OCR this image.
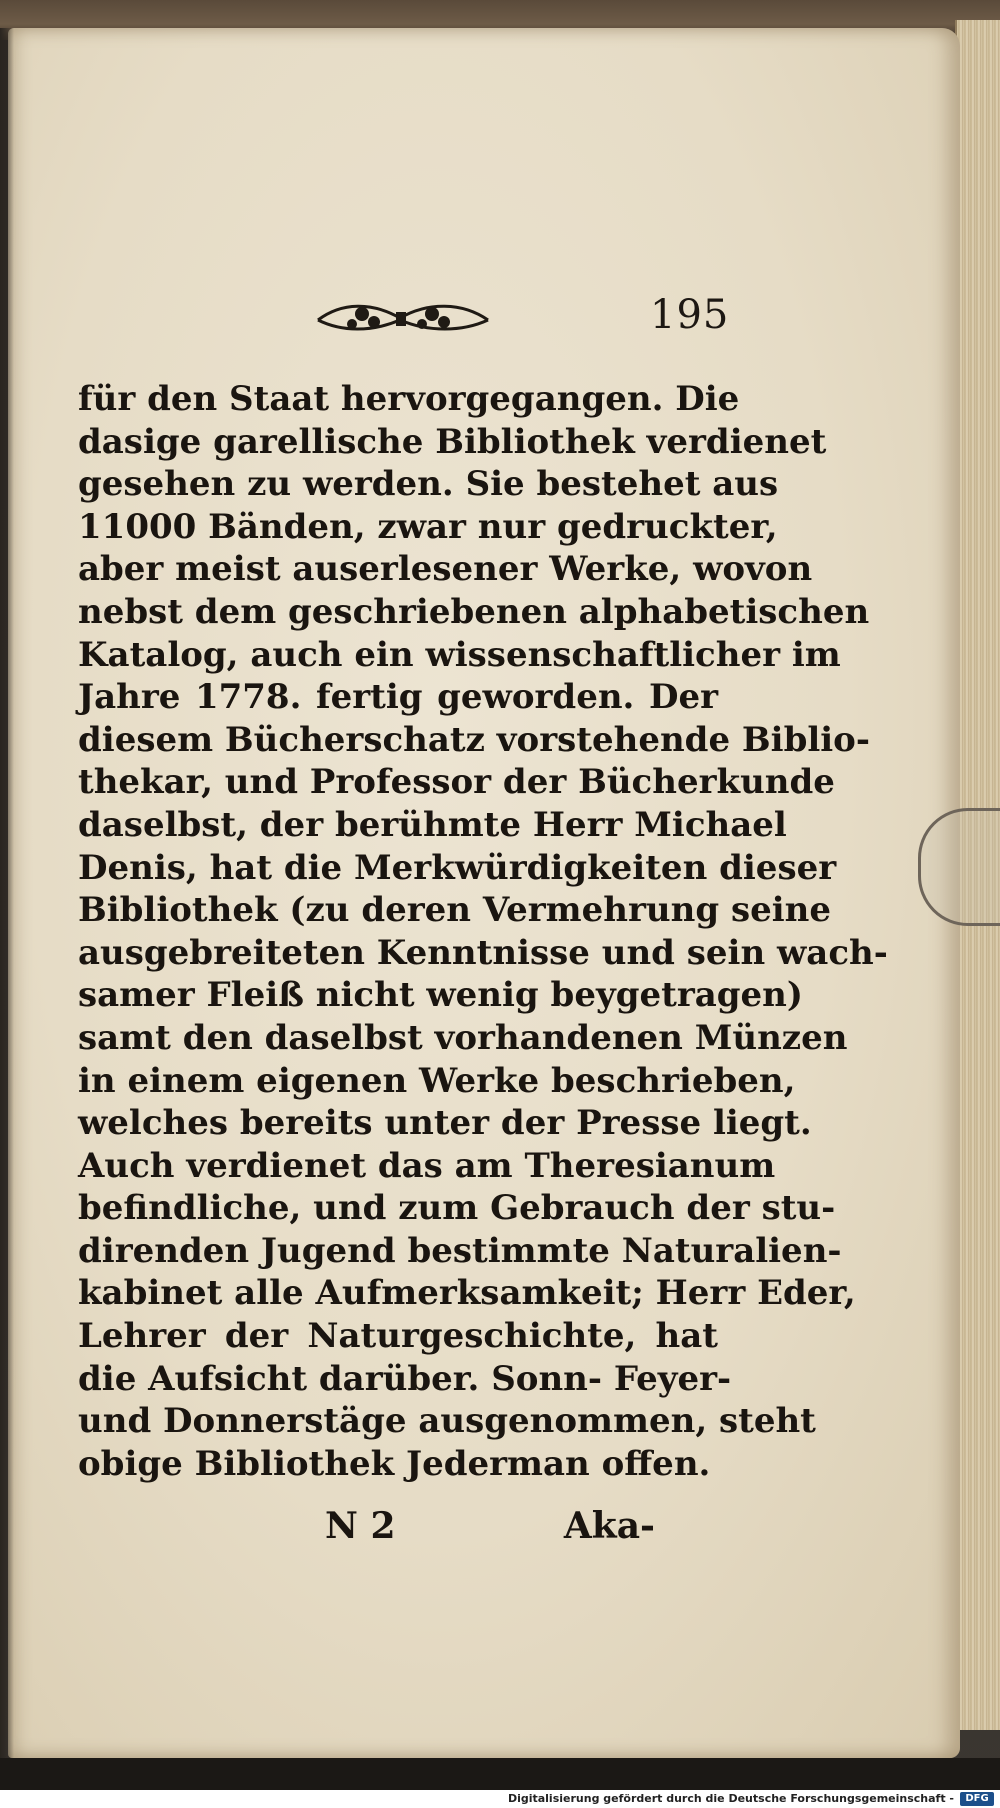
195
für den Staat hervorgegangen. Die
dasige garellische Bibliothek verdienet
gesehen zu werden. Sie bestehet aus
11000 Bänden, zwar nur gedruckter,
aber meist auserlesener Werke, wovon
nebst dem geschriebenen alphabetischen
Katalog, auch ein wissenschaftlicher im
Jahre 1778. fertig geworden. Der
diesem Bücherschatz vorstehende Biblio-
thekar, und Professor der Bücherkunde
daselbst, der berühmte Herr Michael
Denis, hat die Merkwürdigkeiten dieser
Bibliothek (zu deren Vermehrung seine
ausgebreiteten Kenntnisse und sein wach-
samer Fleiß nicht wenig beygetragen)
samt den daselbst vorhandenen Münzen
in einem eigenen Werke beschrieben,
welches bereits unter der Presse liegt.
Auch verdienet das am Theresianum
befindliche, und zum Gebrauch der stu-
direnden Jugend bestimmte Naturalien-
kabinet alle Aufmerksamkeit; Herr Eder,
Lehrer der Naturgeschichte, hat
die Aufsicht darüber. Sonn- Feyer-
und Donnerstäge ausgenommen, steht
obige Bibliothek Jederman offen.
N 2	Aka-
Digitalisierung gefördert durch die Deutsche Forschungsgemeinschaft -	DFG
